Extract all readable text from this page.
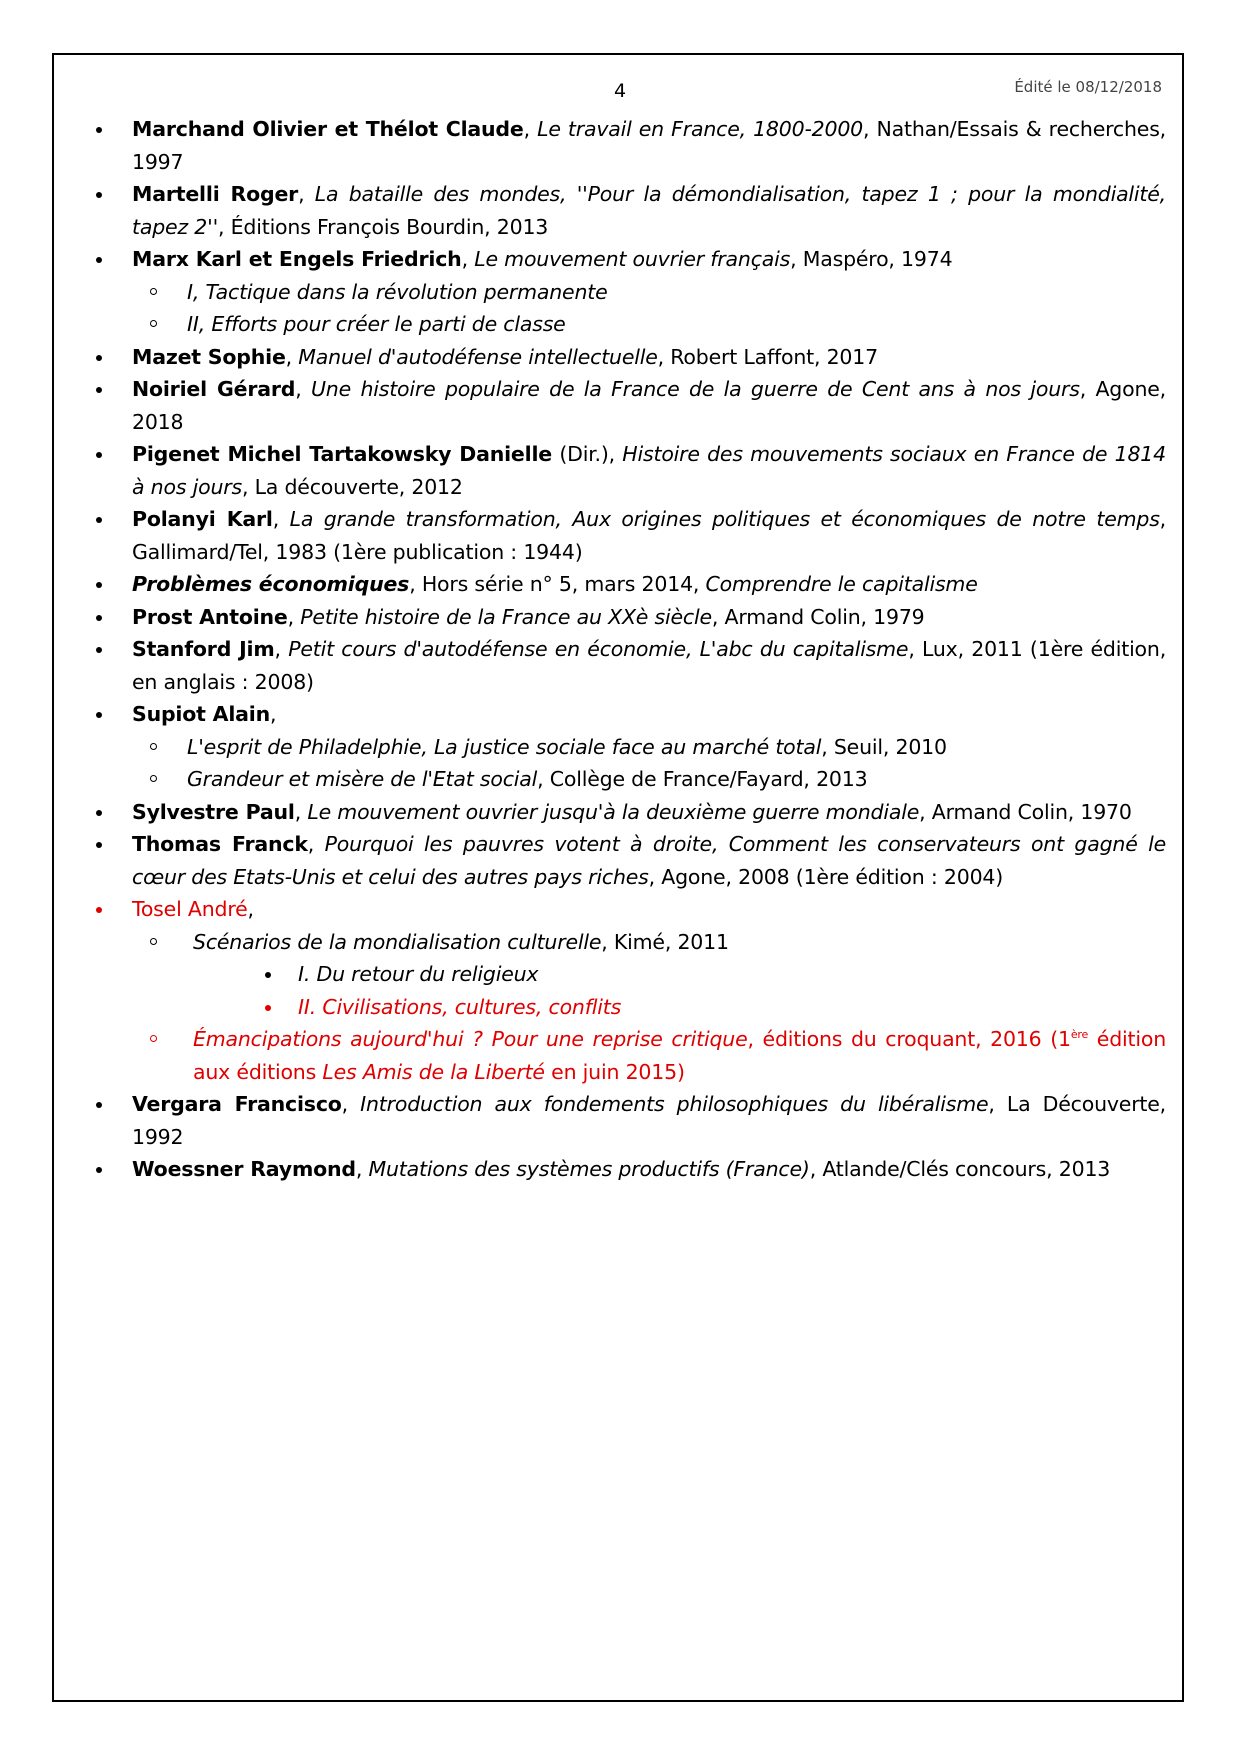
4	Édité le 08/12/2018
Marchand Olivier et Thélot Claude, Le travail en France, 1800-2000, Nathan/Essais & recherches, 1997
Martelli Roger, La bataille des mondes, ''Pour la démondialisation, tapez 1 ; pour la mondialité, tapez 2'', Éditions François Bourdin, 2013
Marx Karl et Engels Friedrich, Le mouvement ouvrier français, Maspéro, 1974
I, Tactique dans la révolution permanente
II, Efforts pour créer le parti de classe
Mazet Sophie, Manuel d'autodéfense intellectuelle, Robert Laffont, 2017
Noiriel Gérard, Une histoire populaire de la France de la guerre de Cent ans à nos jours, Agone, 2018
Pigenet Michel Tartakowsky Danielle (Dir.), Histoire des mouvements sociaux en France de 1814 à nos jours, La découverte, 2012
Polanyi Karl, La grande transformation, Aux origines politiques et économiques de notre temps, Gallimard/Tel, 1983 (1ère publication : 1944)
Problèmes économiques, Hors série n° 5, mars 2014, Comprendre le capitalisme
Prost Antoine, Petite histoire de la France au XXè siècle, Armand Colin, 1979
Stanford Jim, Petit cours d'autodéfense en économie, L'abc du capitalisme, Lux, 2011 (1ère édition, en anglais : 2008)
Supiot Alain,
L'esprit de Philadelphie, La justice sociale face au marché total, Seuil, 2010
Grandeur et misère de l'Etat social, Collège de France/Fayard, 2013
Sylvestre Paul, Le mouvement ouvrier jusqu'à la deuxième guerre mondiale, Armand Colin, 1970
Thomas Franck, Pourquoi les pauvres votent à droite, Comment les conservateurs ont gagné le cœur des Etats-Unis et celui des autres pays riches, Agone, 2008 (1ère édition : 2004)
Tosel André,
Scénarios de la mondialisation culturelle, Kimé, 2011
I. Du retour du religieux
II. Civilisations, cultures, conflits
Émancipations aujourd'hui ? Pour une reprise critique, éditions du croquant, 2016 (1ère édition aux éditions Les Amis de la Liberté en juin 2015)
Vergara Francisco, Introduction aux fondements philosophiques du libéralisme, La Découverte, 1992
Woessner Raymond, Mutations des systèmes productifs (France), Atlande/Clés concours, 2013
